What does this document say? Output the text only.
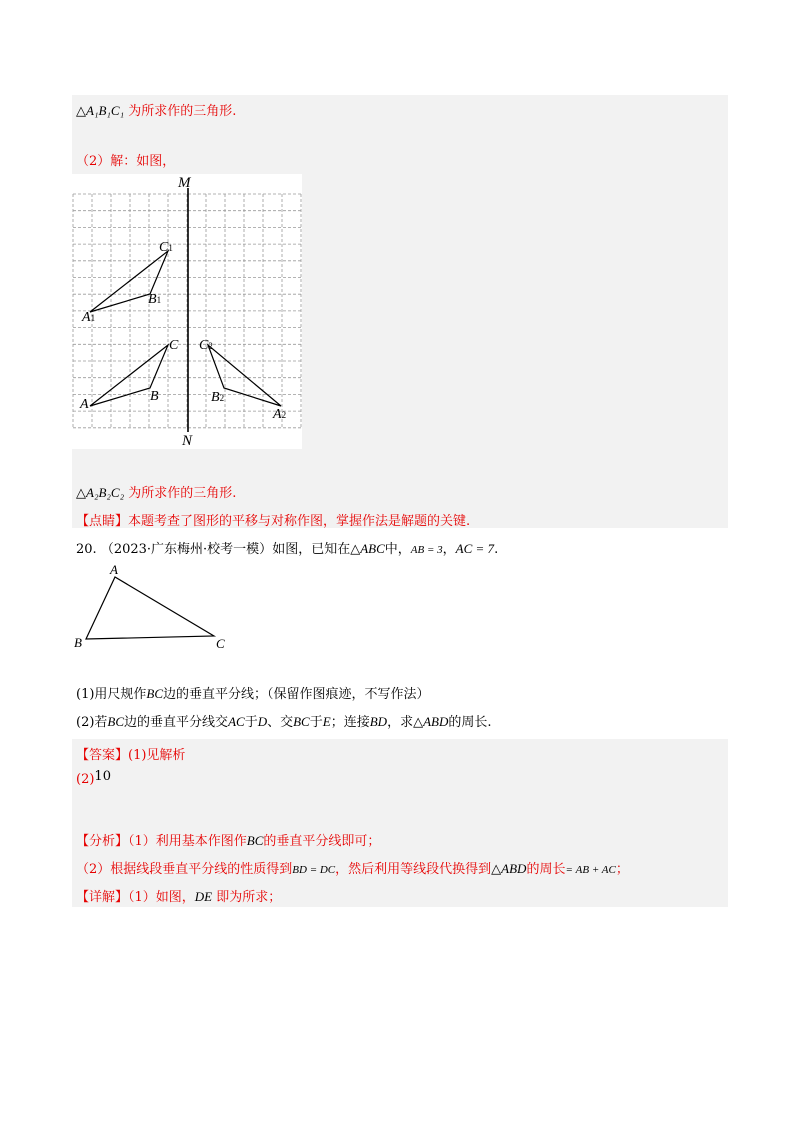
△A₁B₁C₁ 为所求作的三角形.
（2）解：如图，
M
N
C1
B1
A1
C
B
A
C2
B2
A2
△A₂B₂C₂ 为所求作的三角形.
【点睛】本题考查了图形的平移与对称作图，掌握作法是解题的关键.
20. （2023·广东梅州·校考一模）如图，已知在△ABC中，AB = 3，AC = 7.
A
B	C
(1)用尺规作BC边的垂直平分线；（保留作图痕迹，不写作法）
(2)若BC边的垂直平分线交AC于D、交BC于E；连接BD，求△ABD的周长.
【答案】(1)见解析
(2)10
【分析】（1）利用基本作图作BC的垂直平分线即可；
（2）根据线段垂直平分线的性质得到BD = DC，然后利用等线段代换得到△ABD的周长= AB + AC；
【详解】（1）如图，DE 即为所求；
